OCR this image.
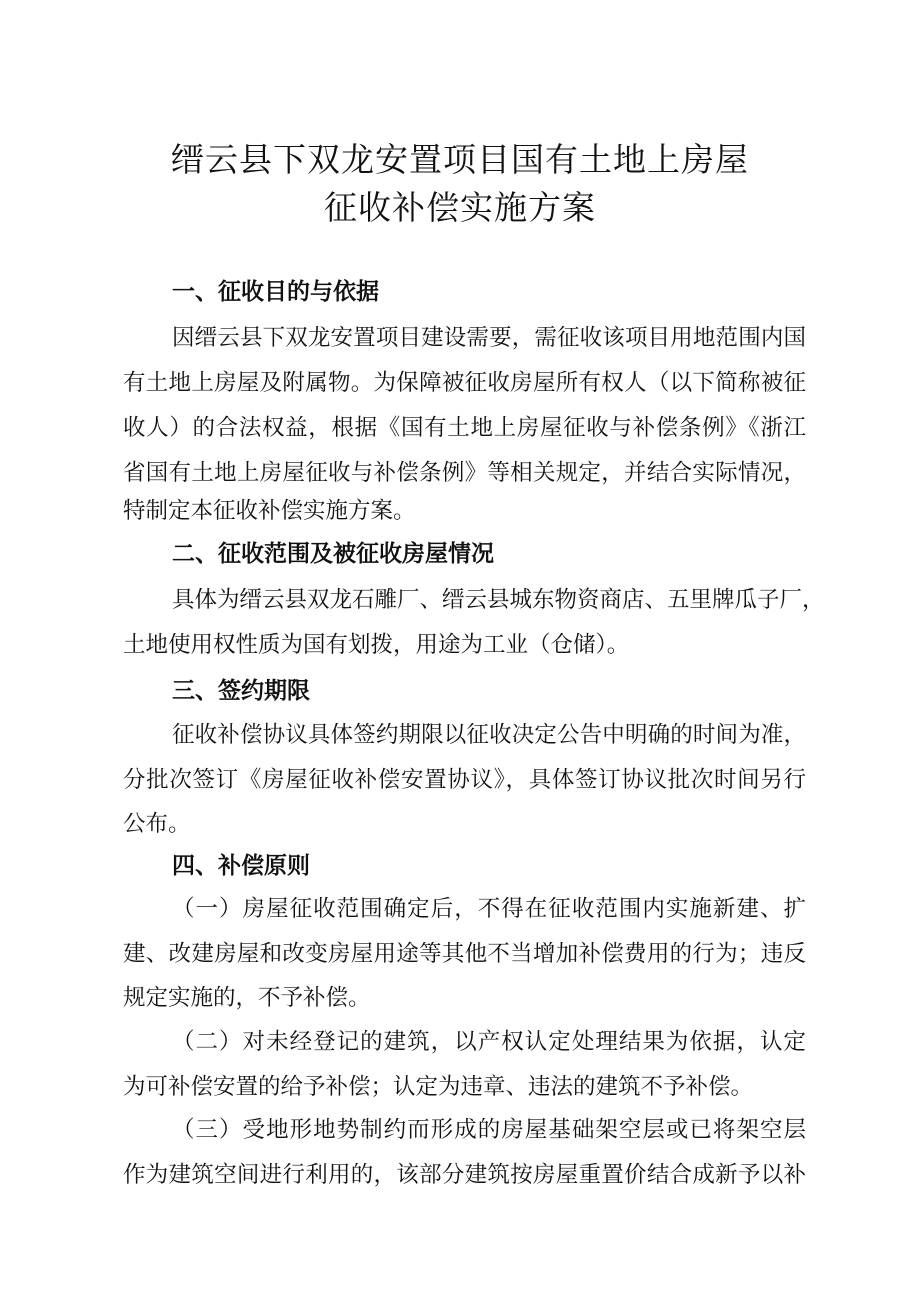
缙云县下双龙安置项目国有土地上房屋
征收补偿实施方案
一、征收目的与依据
因缙云县下双龙安置项目建设需要，需征收该项目用地范围内国
有土地上房屋及附属物。为保障被征收房屋所有权人（以下简称被征
收人）的合法权益，根据《国有土地上房屋征收与补偿条例》《浙江
省国有土地上房屋征收与补偿条例》等相关规定，并结合实际情况，
特制定本征收补偿实施方案。
二、征收范围及被征收房屋情况
具体为缙云县双龙石雕厂、缙云县城东物资商店、五里牌瓜子厂，
土地使用权性质为国有划拨，用途为工业（仓储）。
三、签约期限
征收补偿协议具体签约期限以征收决定公告中明确的时间为准，
分批次签订《房屋征收补偿安置协议》，具体签订协议批次时间另行
公布。
四、补偿原则
（一）房屋征收范围确定后，不得在征收范围内实施新建、扩
建、改建房屋和改变房屋用途等其他不当增加补偿费用的行为；违反
规定实施的，不予补偿。
（二）对未经登记的建筑，以产权认定处理结果为依据，认定
为可补偿安置的给予补偿；认定为违章、违法的建筑不予补偿。
（三）受地形地势制约而形成的房屋基础架空层或已将架空层
作为建筑空间进行利用的，该部分建筑按房屋重置价结合成新予以补
